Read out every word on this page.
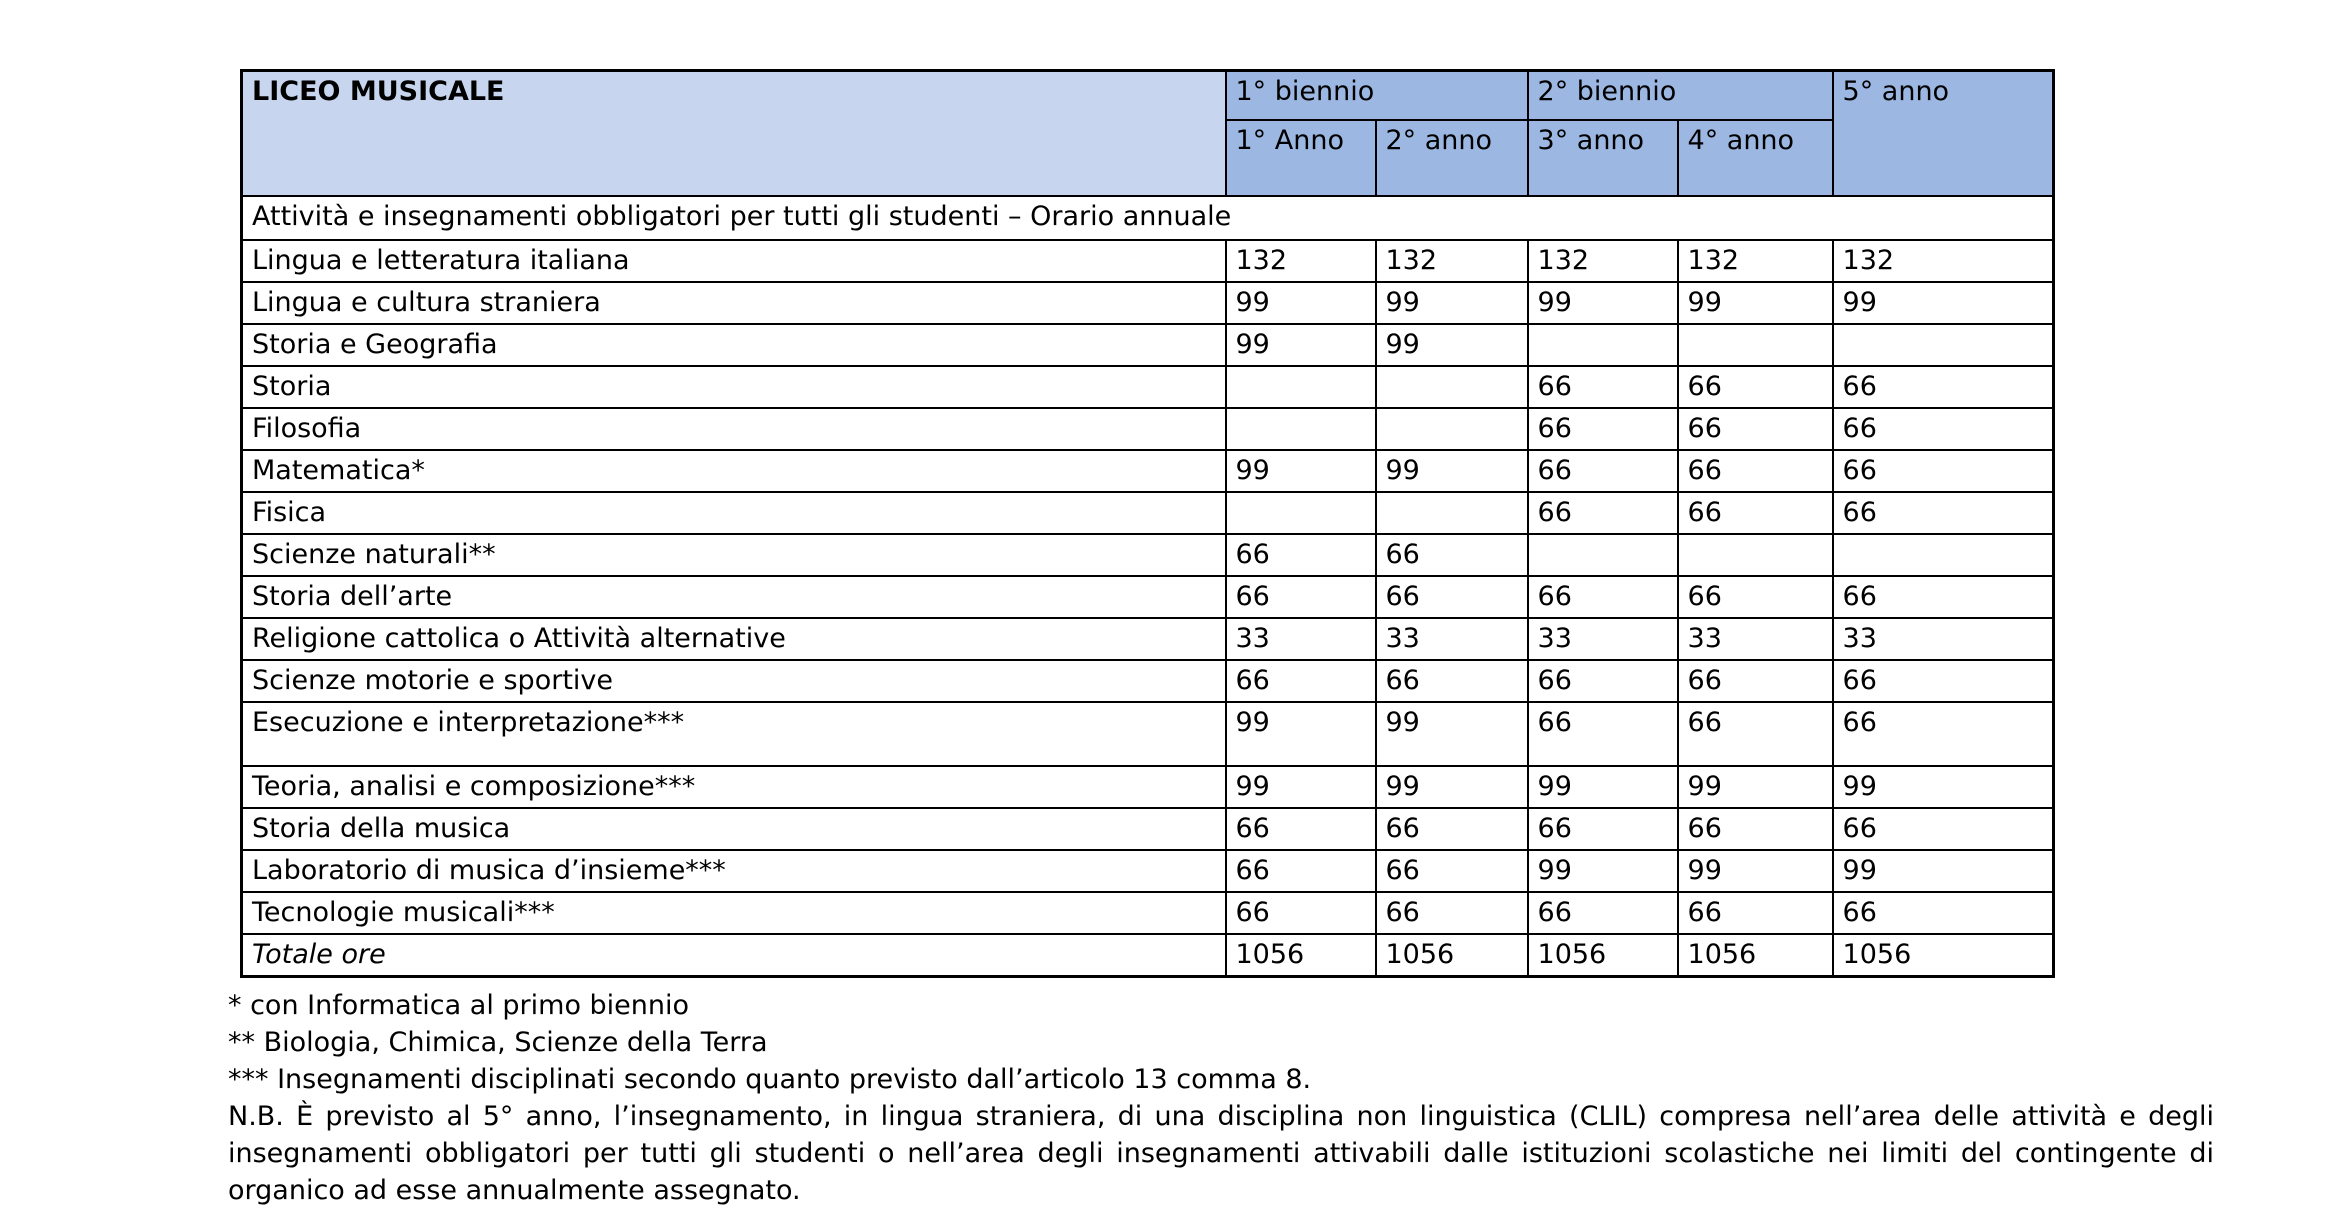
LICEO MUSICALE	1° biennio		2° biennio		5° anno
	1° Anno	2° anno	3° anno	4° anno	
Attività e insegnamenti obbligatori per tutti gli studenti – Orario annuale					
Lingua e letteratura italiana	132	132	132	132	132
Lingua e cultura straniera	99	99	99	99	99
Storia e Geografia	99	99			
Storia			66	66	66
Filosofia			66	66	66
Matematica*	99	99	66	66	66
Fisica			66	66	66
Scienze naturali**	66	66			
Storia dell’arte	66	66	66	66	66
Religione cattolica o Attività alternative	33	33	33	33	33
Scienze motorie e sportive	66	66	66	66	66
Esecuzione e interpretazione***	99	99	66	66	66
Teoria, analisi e composizione***	99	99	99	99	99
Storia della musica	66	66	66	66	66
Laboratorio di musica d’insieme***	66	66	99	99	99
Tecnologie musicali***	66	66	66	66	66
Totale ore	1056	1056	1056	1056	1056

* con Informatica al primo biennio

** Biologia, Chimica, Scienze della Terra

*** Insegnamenti disciplinati secondo quanto previsto dall’articolo 13 comma 8.

N.B. È previsto al 5° anno, l’insegnamento, in lingua straniera, di una disciplina non linguistica (CLIL) compresa nell’area delle attività e degli insegnamenti obbligatori per tutti gli studenti o nell’area degli insegnamenti attivabili dalle istituzioni scolastiche nei limiti del contingente di organico ad esse annualmente assegnato.
